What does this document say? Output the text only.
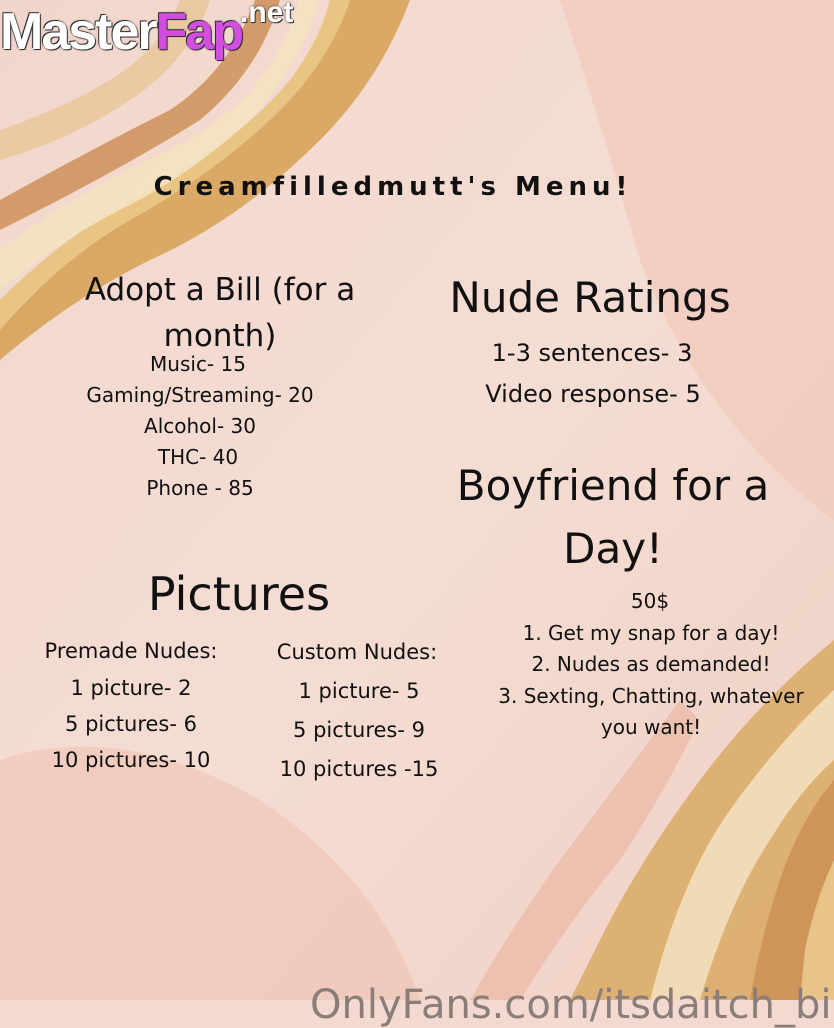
MasterFap
.net
Creamfilledmutt's Menu!
Adopt a Bill (for a
month)
Music- 15
Gaming/Streaming- 20
Alcohol- 30
THC- 40
Phone - 85
Nude Ratings
1-3 sentences- 3
Video response- 5
Boyfriend for a
Day!
50$
1. Get my snap for a day!
2. Nudes as demanded!
3. Sexting, Chatting, whatever
you want!
Pictures
Premade Nudes:
1 picture- 2
5 pictures- 6
10 pictures- 10
Custom Nudes:
1 picture- 5
5 pictures- 9
10 pictures -15
OnlyFans.com/itsdaitch_bi
